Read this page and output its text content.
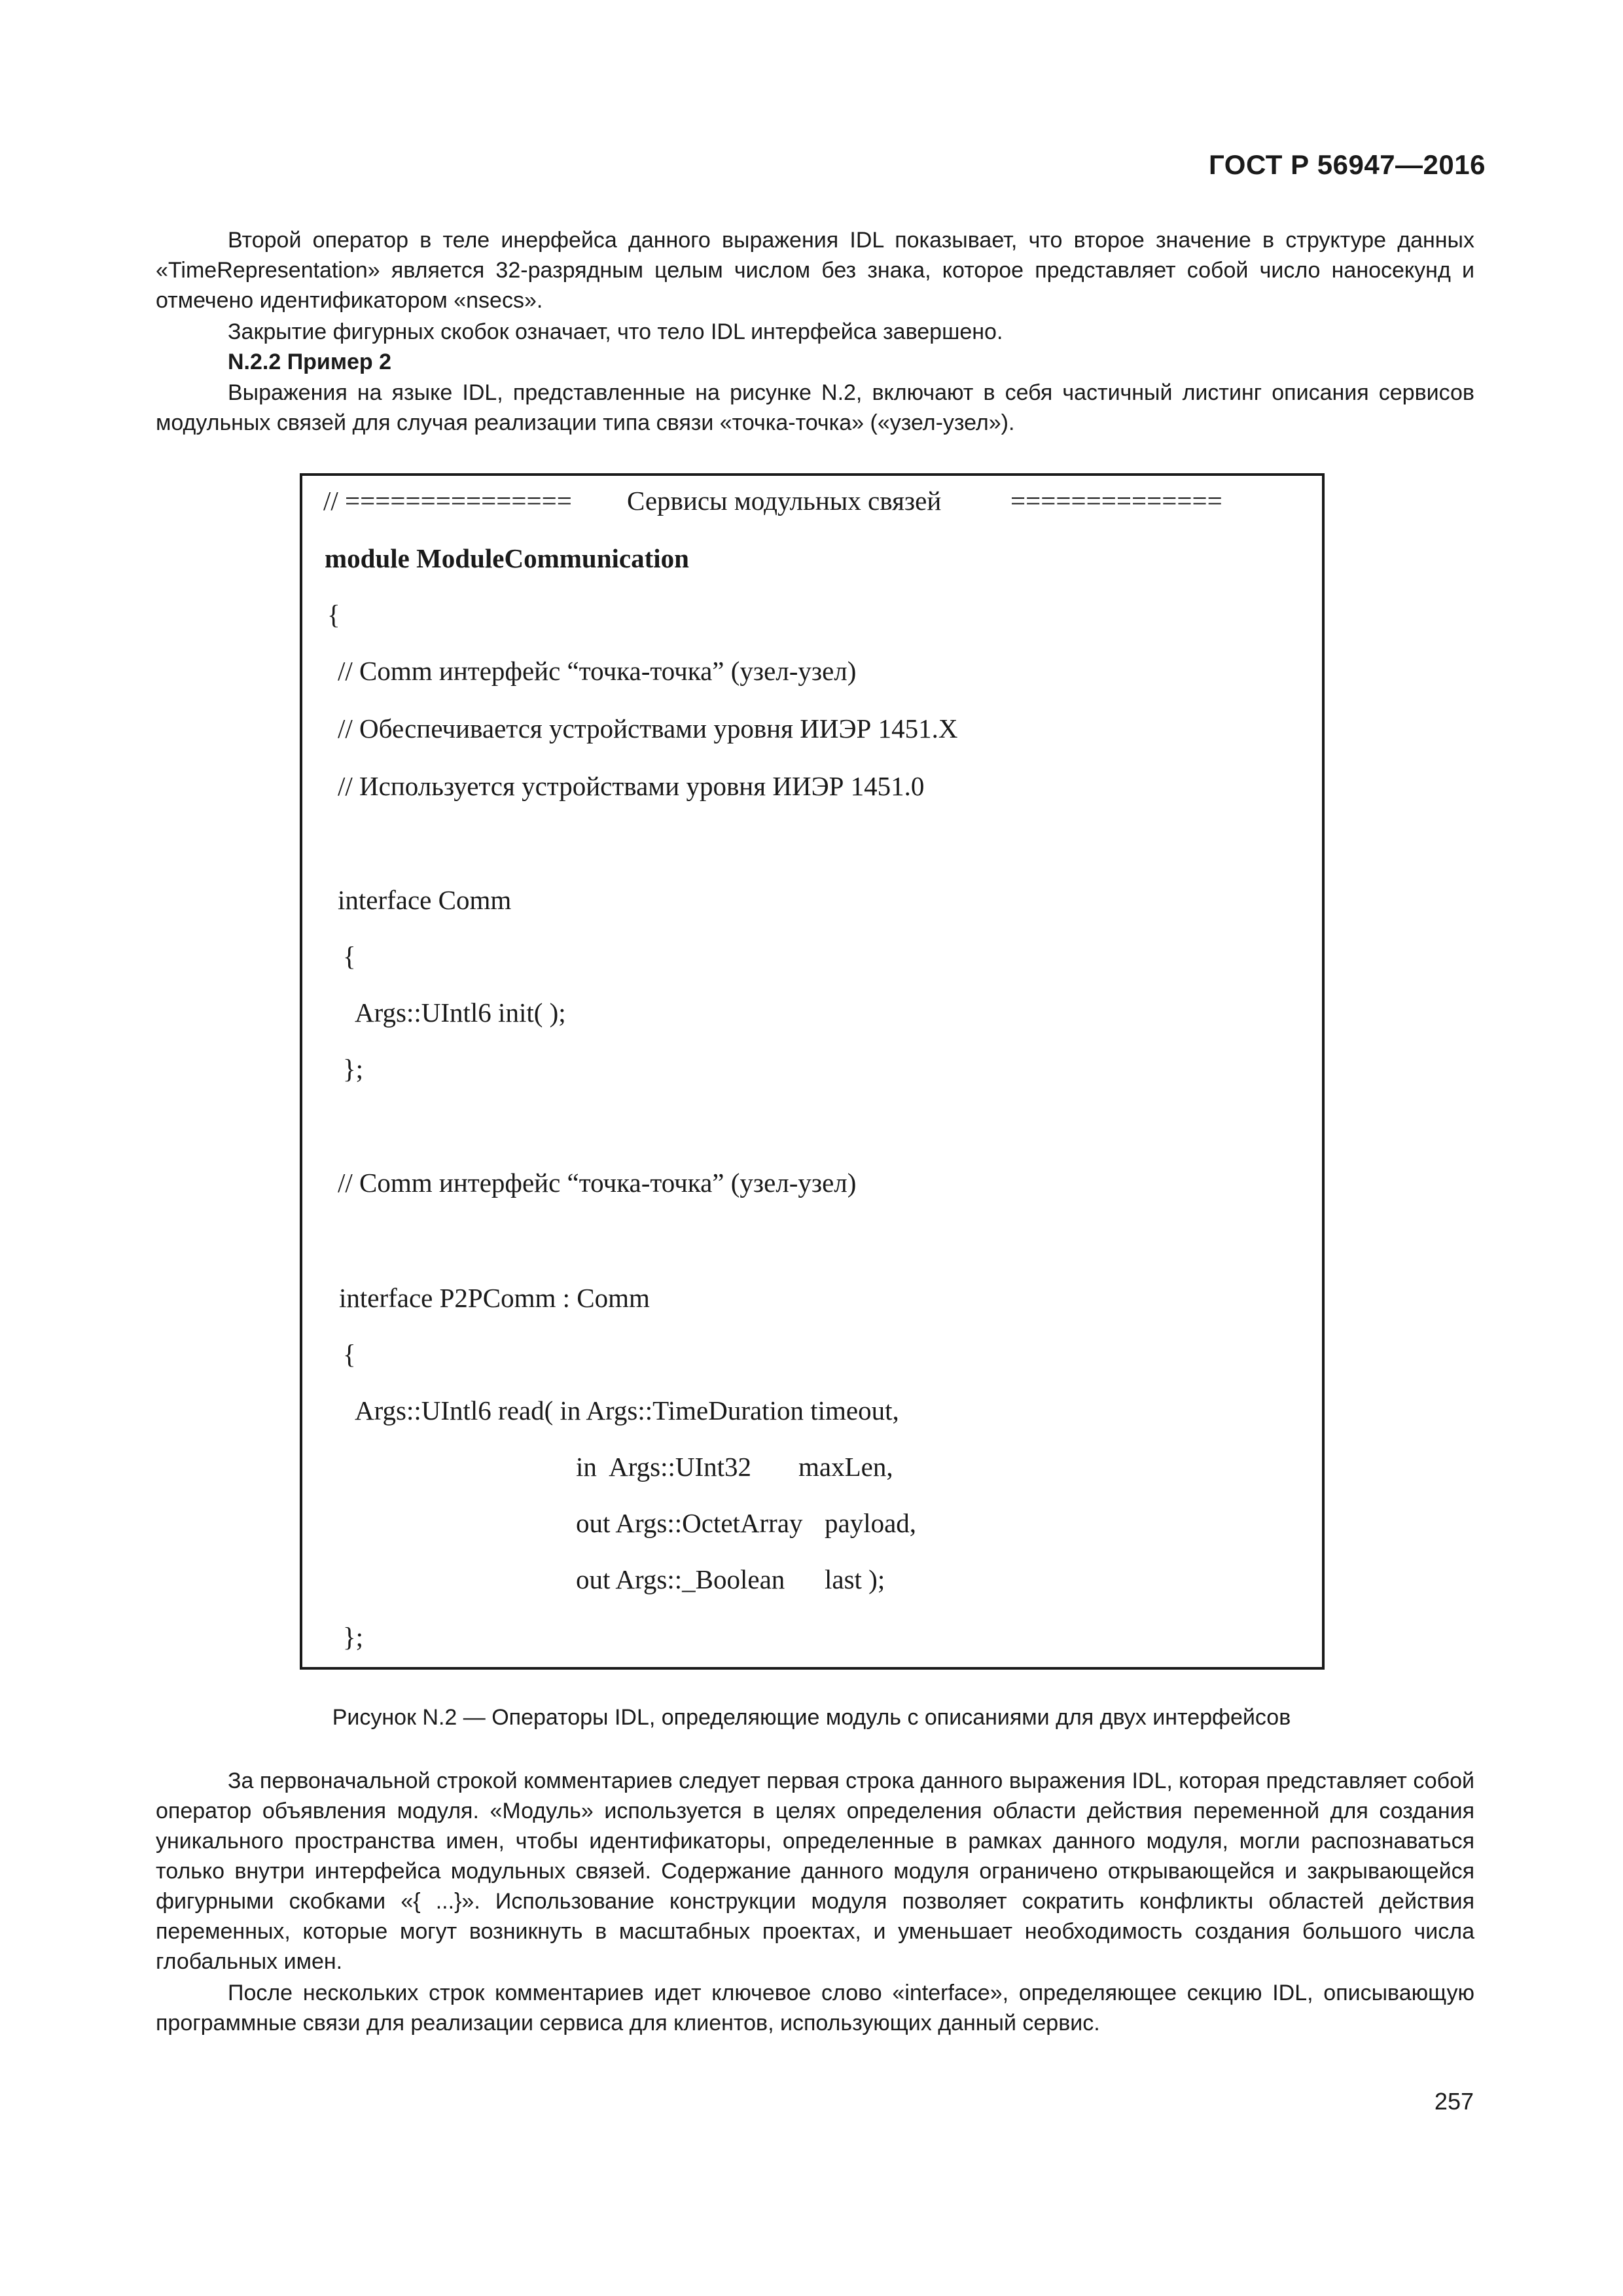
ГОСТ Р 56947—2016
Второй оператор в теле инерфейса данного выражения IDL показывает, что второе значение в структуре данных «TimeRepresentation» является 32-разрядным целым числом без знака, которое представляет собой число наносекунд и отмечено идентификатором «nsecs».
Закрытие фигурных скобок означает, что тело IDL интерфейса завершено.
N.2.2 Пример 2
Выражения на языке IDL, представленные на рисунке N.2, включают в себя частичный листинг описания сервисов модульных связей для случая реализации типа связи «точка-точка» («узел-узел»).
// =============== Сервисы модульных связей	==============
module ModuleCommunication
{
// Comm интерфейс “точка-точка” (узел-узел)
// Обеспечивается устройствами уровня ИИЭР 1451.X
// Используется устройствами уровня ИИЭР 1451.0
interface Comm
{
Args::UIntl6 init( );
};
// Comm интерфейс “точка-точка” (узел-узел)
interface P2PComm : Comm
{
Args::UIntl6 read( in Args::TimeDuration timeout,
in  Args::UInt32 maxLen,
out Args::OctetArray payload,
out Args::_Boolean last );
};
Рисунок N.2 — Операторы IDL, определяющие модуль с описаниями для двух интерфейсов
За первоначальной строкой комментариев следует первая строка данного выражения IDL, которая представляет собой оператор объявления модуля. «Модуль» используется в целях определения области действия переменной для создания уникального пространства имен, чтобы идентификаторы, определенные в рамках данного модуля, могли распознаваться только внутри интерфейса модульных связей. Содержание данного модуля ограничено открывающейся и закрывающейся фигурными скобками «{ ...}». Использование конструкции модуля позволяет сократить конфликты областей действия переменных, которые могут возникнуть в масштабных проектах, и уменьшает необходимость создания большого числа глобальных имен.
После нескольких строк комментариев идет ключевое слово «interface», определяющее секцию IDL, описывающую программные связи для реализации сервиса для клиентов, использующих данный сервис.
257
